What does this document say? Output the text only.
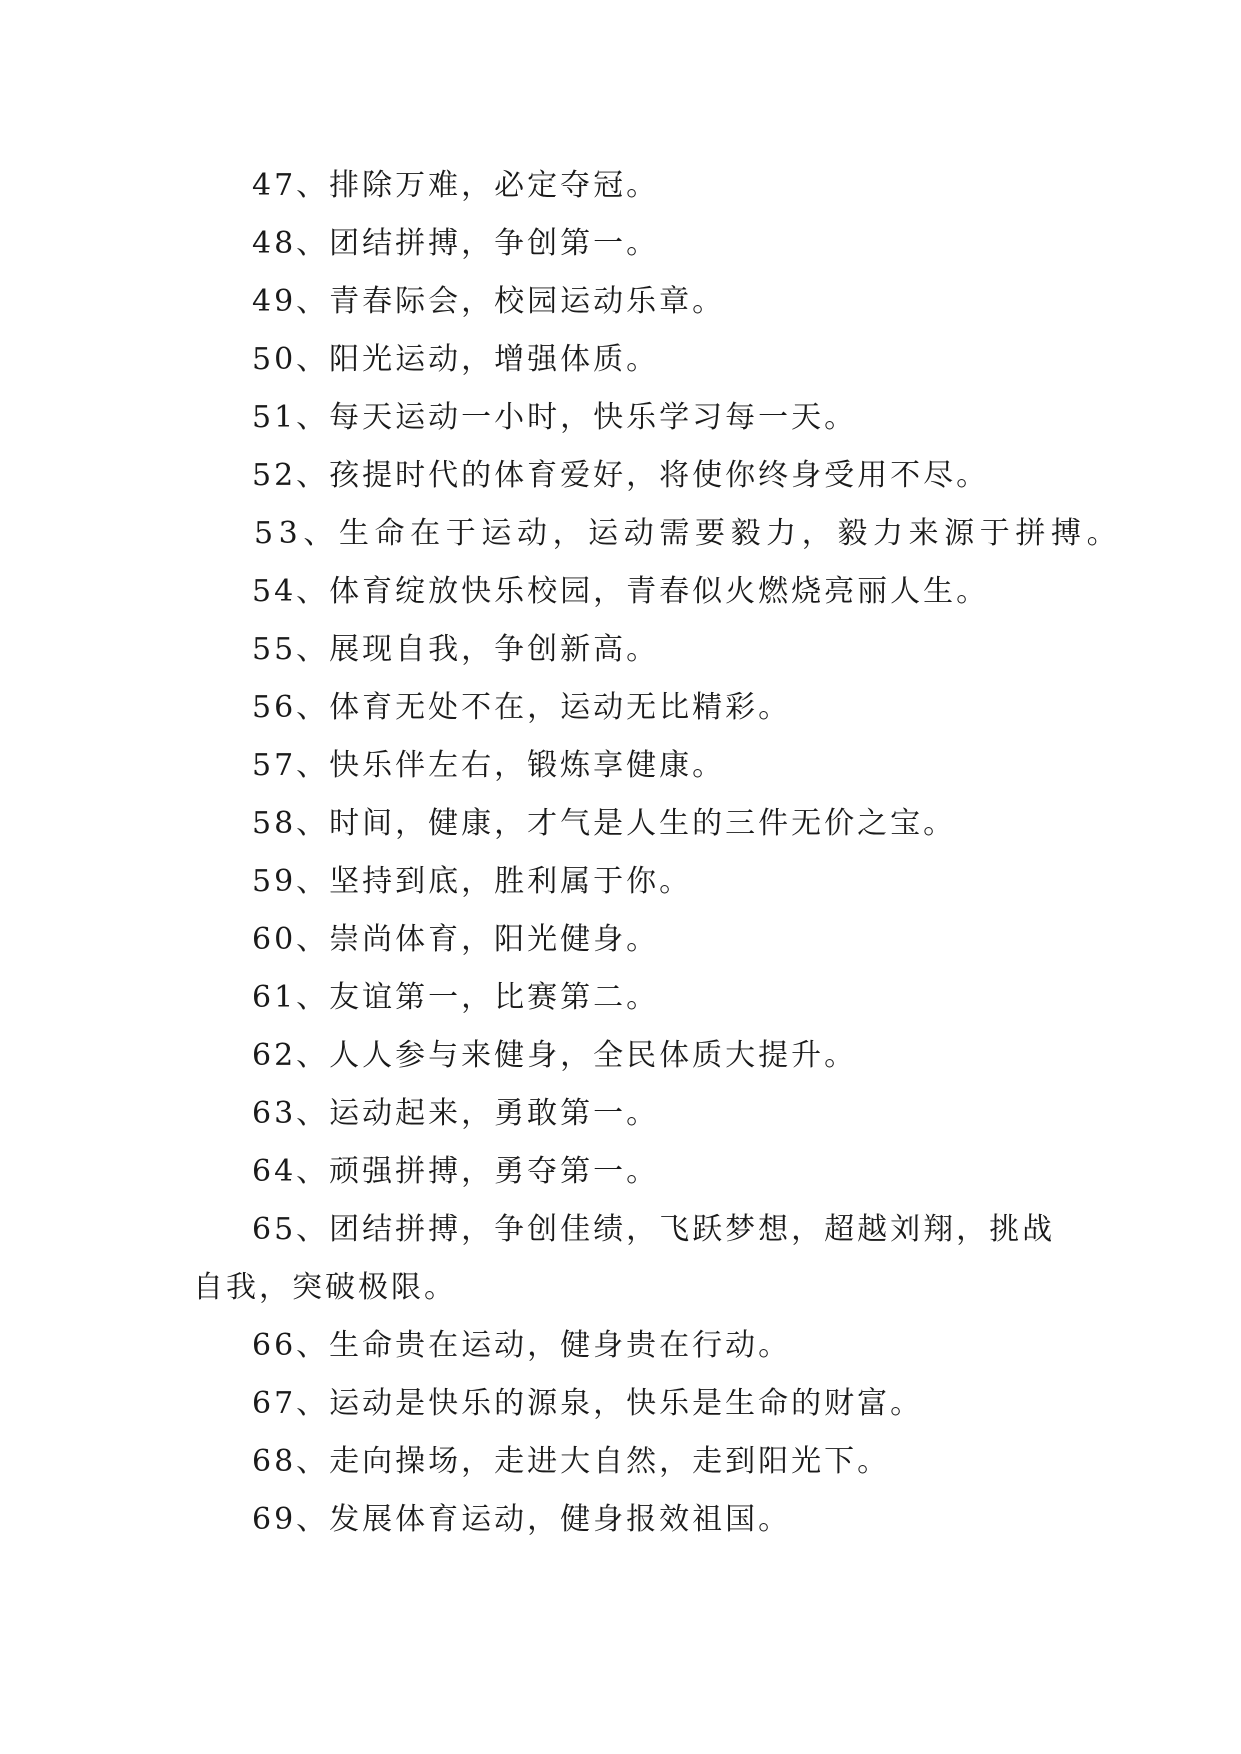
47、排除万难，必定夺冠。
48、团结拼搏，争创第一。
49、青春际会，校园运动乐章。
50、阳光运动，增强体质。
51、每天运动一小时，快乐学习每一天。
52、孩提时代的体育爱好，将使你终身受用不尽。
53、生命在于运动，运动需要毅力，毅力来源于拼搏。
54、体育绽放快乐校园，青春似火燃烧亮丽人生。
55、展现自我，争创新高。
56、体育无处不在，运动无比精彩。
57、快乐伴左右，锻炼享健康。
58、时间，健康，才气是人生的三件无价之宝。
59、坚持到底，胜利属于你。
60、崇尚体育，阳光健身。
61、友谊第一，比赛第二。
62、人人参与来健身，全民体质大提升。
63、运动起来，勇敢第一。
64、顽强拼搏，勇夺第一。
65、团结拼搏，争创佳绩，飞跃梦想，超越刘翔，挑战
自我，突破极限。
66、生命贵在运动，健身贵在行动。
67、运动是快乐的源泉，快乐是生命的财富。
68、走向操场，走进大自然，走到阳光下。
69、发展体育运动，健身报效祖国。
